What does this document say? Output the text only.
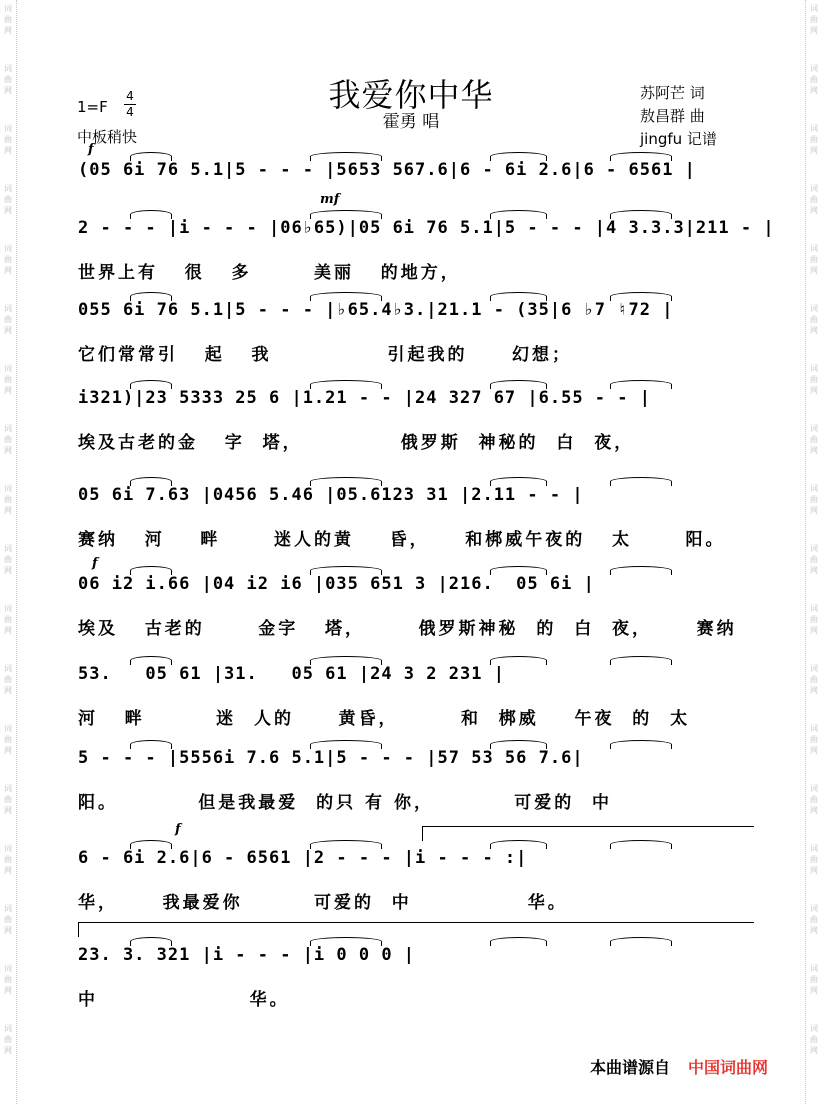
词
曲
网
词
曲
网
词
曲
网
词
曲
网
词
曲
网
词
曲
网
词
曲
网
词
曲
网
词
曲
网
词
曲
网
词
曲
网
词
曲
网
词
曲
网
词
曲
网
词
曲
网
词
曲
网
词
曲
网
词
曲
网
词
曲
网
词
曲
网
词
曲
网
词
曲
网
词
曲
网
词
曲
网
词
曲
网
词
曲
网
词
曲
网
词
曲
网
词
曲
网
词
曲
网
词
曲
网
词
曲
网
词
曲
网
词
曲
网
词
曲
网
词
曲
网
我爱你中华
霍勇 唱
1=F
4
4
中板稍快
苏阿芒 词
敖昌群 曲
jingfu 记谱
(05 6i 76 5.1|5 - - - |5653 567.6|6 - 6i 2.6|6 - 6561 |
f
2 - - - |i - - - |06♭65)|05 6i 76 5.1|5 - - - |4 3.3.3|211 - |
世界上有   很   多       美丽   的地方，
mf
055 6i 76 5.1|5 - - - |♭65.4♭3.|21.1 - (35|6 ♭7 ♮72 |
它们常常引   起   我             引起我的     幻想；
i321)|23 5333 25 6 |1.21 - - |24 327 67 |6.55 - - |
埃及古老的金   字  塔，           俄罗斯  神秘的  白  夜，
05 6i 7.63 |0456 5.46 |05.6123 31 |2.11 - - |
赛纳   河    畔      迷人的黄    昏，    和梆威午夜的   太      阳。
06 i2 i.66 |04 i2 i6 |035 651 3 |216.  05 6i |
埃及   古老的      金字   塔，      俄罗斯神秘  的  白  夜，     赛纳
f
53.   05 61 |31.   05 61 |24 3 2 231 |
河   畔        迷  人的     黄昏，       和  梆威    午夜  的  太
5 - - - |5556i 7.6 5.1|5 - - - |57 53 56 7.6|
阳。         但是我最爱  的只 有 你，         可爱的  中
6 - 6i 2.6|6 - 6561 |2 - - - |i - - - :|
华，     我最爱你        可爱的  中             华。
f
23. 3. 321 |i - - - |i 0 0 0 |
中                 华。
本曲谱源自 中国词曲网
